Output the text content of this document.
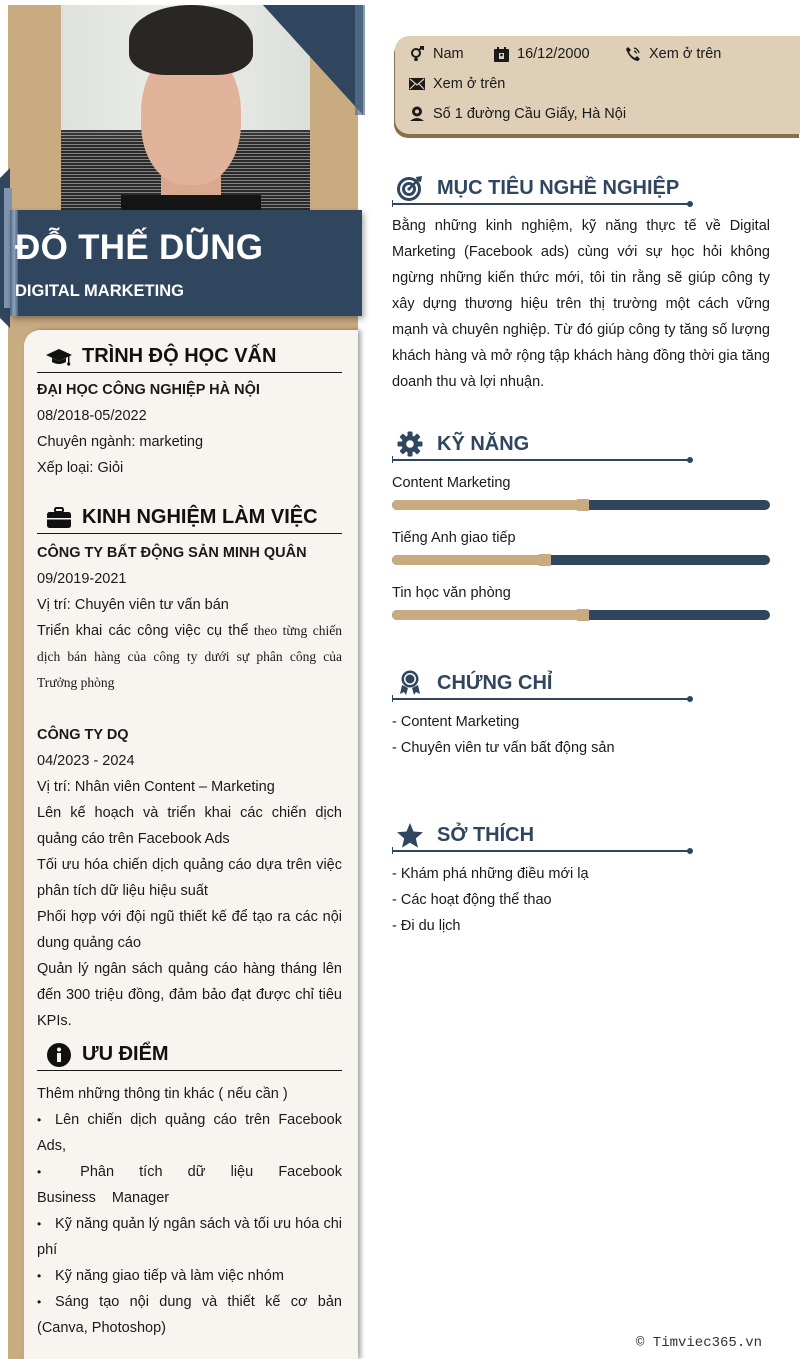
ĐỖ THẾ DŨNG
DIGITAL MARKETING
TRÌNH ĐỘ HỌC VẤN
ĐẠI HỌC CÔNG NGHIỆP HÀ NỘI
08/2018-05/2022
Chuyên ngành: marketing
Xếp loại: Giỏi
KINH NGHIỆM LÀM VIỆC
CÔNG TY BẤT ĐỘNG SẢN MINH QUÂN
09/2019-2021
Vị trí: Chuyên viên tư vấn bán
Triển khai các công việc cụ thể theo từng chiến dịch bán hàng của công ty dưới sự phân công của Trưởng phòng
CÔNG TY DQ
04/2023 - 2024
Vị trí: Nhân viên Content – Marketing
Lên kế hoạch và triển khai các chiến dịch quảng cáo trên Facebook Ads
Tối ưu hóa chiến dịch quảng cáo dựa trên việc phân tích dữ liệu hiệu suất
Phối hợp với đội ngũ thiết kế để tạo ra các nội dung quảng cáo
Quản lý ngân sách quảng cáo hàng tháng lên đến 300 triệu đồng, đảm bảo đạt được chỉ tiêu KPIs.
ƯU ĐIỂM
Thêm những thông tin khác ( nếu cần )
• Lên chiến dịch quảng cáo trên Facebook Ads,
• Phân tích dữ liệu Facebook Business Manager
• Kỹ năng quản lý ngân sách và tối ưu hóa chi phí
• Kỹ năng giao tiếp và làm việc nhóm
• Sáng tạo nội dung và thiết kế cơ bản (Canva, Photoshop)
Nam	16/12/2000	Xem ở trên
Xem ở trên
Số 1 đường Cầu Giấy, Hà Nội
MỤC TIÊU NGHỀ NGHIỆP
Bằng những kinh nghiệm, kỹ năng thực tế về Digital Marketing (Facebook ads) cùng với sự học hỏi không ngừng những kiến thức mới, tôi tin rằng sẽ giúp công ty xây dựng thương hiệu trên thị trường một cách vững mạnh và chuyên nghiệp. Từ đó giúp công ty tăng số lượng khách hàng và mở rộng tập khách hàng đồng thời gia tăng doanh thu và lợi nhuận.
KỸ NĂNG
Content Marketing
Tiếng Anh giao tiếp
Tin học văn phòng
CHỨNG CHỈ
- Content Marketing
- Chuyên viên tư vấn bất động sản
SỞ THÍCH
- Khám phá những điều mới lạ
- Các hoạt động thể thao
- Đi du lịch
© Timviec365.vn
